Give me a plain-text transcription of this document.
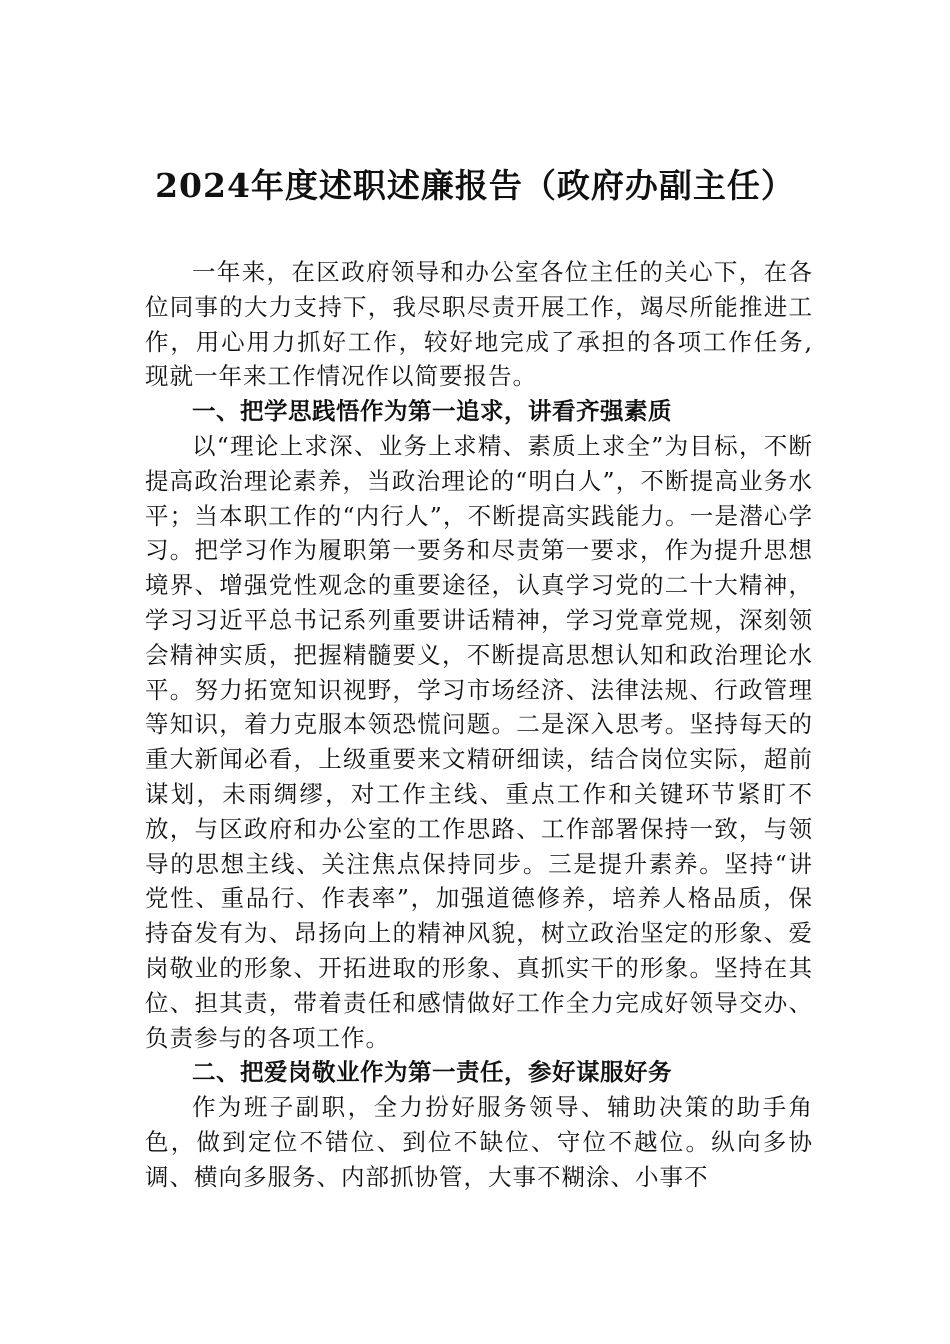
2024年度述职述廉报告（政府办副主任）

一年来，在区政府领导和办公室各位主任的关心下，在各位同事的大力支持下，我尽职尽责开展工作，竭尽所能推进工作，用心用力抓好工作，较好地完成了承担的各项工作任务,现就一年来工作情况作以简要报告。

一、把学思践悟作为第一追求，讲看齐强素质

以“理论上求深、业务上求精、素质上求全”为目标，不断提高政治理论素养，当政治理论的“明白人”，不断提高业务水平；当本职工作的“内行人”，不断提高实践能力。一是潜心学习。把学习作为履职第一要务和尽责第一要求，作为提升思想境界、增强党性观念的重要途径，认真学习党的二十大精神，学习习近平总书记系列重要讲话精神，学习党章党规，深刻领会精神实质，把握精髓要义，不断提高思想认知和政治理论水平。努力拓宽知识视野，学习市场经济、法律法规、行政管理等知识，着力克服本领恐慌问题。二是深入思考。坚持每天的重大新闻必看，上级重要来文精研细读，结合岗位实际，超前谋划，未雨绸缪，对工作主线、重点工作和关键环节紧盯不放，与区政府和办公室的工作思路、工作部署保持一致，与领导的思想主线、关注焦点保持同步。三是提升素养。坚持“讲党性、重品行、作表率”，加强道德修养，培养人格品质，保持奋发有为、昂扬向上的精神风貌，树立政治坚定的形象、爱岗敬业的形象、开拓进取的形象、真抓实干的形象。坚持在其位、担其责，带着责任和感情做好工作全力完成好领导交办、负责参与的各项工作。

二、把爱岗敬业作为第一责任，参好谋服好务

作为班子副职，全力扮好服务领导、辅助决策的助手角色，做到定位不错位、到位不缺位、守位不越位。纵向多协调、横向多服务、内部抓协管，大事不糊涂、小事不
